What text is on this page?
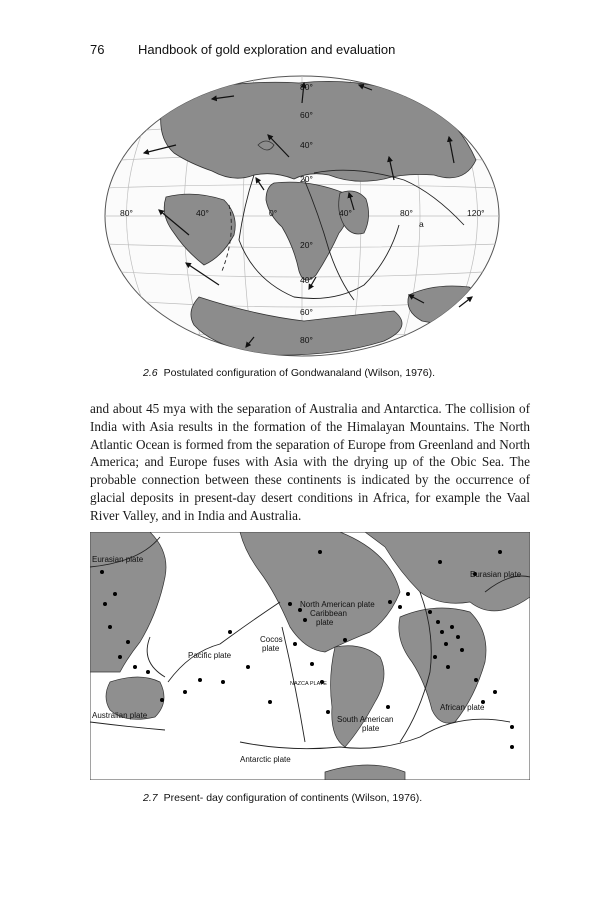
76	Handbook of gold exploration and evaluation
80°
60°
40°
20°
0°
20°
40°
60°
80°
80°	40°	40°	80°	120°
a
2.6 Postulated configuration of Gondwanaland (Wilson, 1976).
and about 45 mya with the separation of Australia and Antarctica. The collision of India with Asia results in the formation of the Himalayan Mountains. The North Atlantic Ocean is formed from the separation of Europe from Greenland and North America; and Europe fuses with Asia with the drying up of the Obic Sea. The probable connection between these continents is indicated by the occurrence of glacial deposits in present-day desert conditions in Africa, for example the Vaal River Valley, and in India and Australia.
Eurasian plate
Eurasian plate
North American plate
Caribbean
plate
Cocos
plate
Pacific plate
NAZCA PLATE
African plate
Australian plate	South American
plate
Antarctic plate
2.7 Present- day configuration of continents (Wilson, 1976).
